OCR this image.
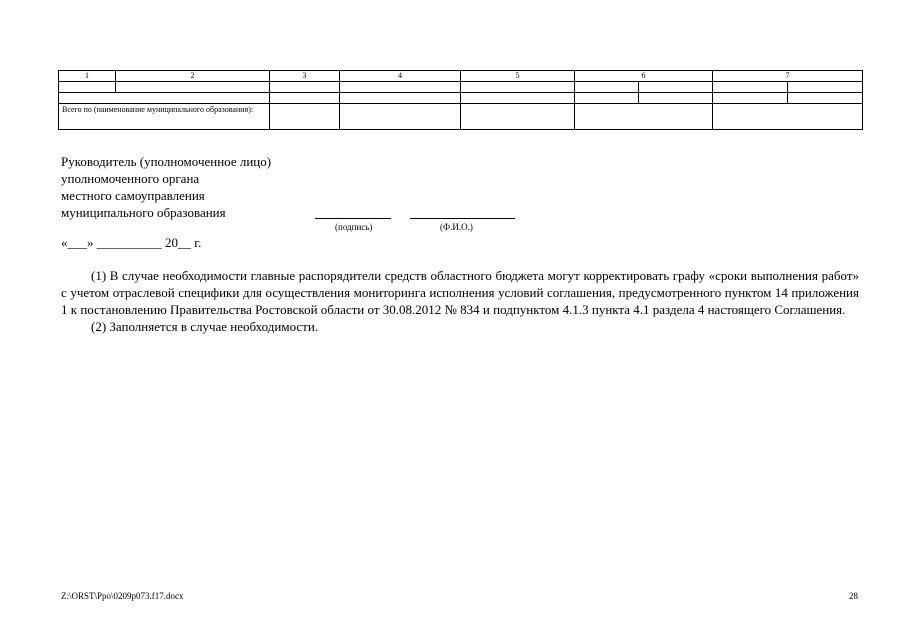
1	2	3	4	5	6		7	

Всего по (наименование муниципального образования):								
Руководитель (уполномоченное лицо)
уполномоченного органа
местного самоуправления
муниципального образования
(подпись)	(Ф.И.О.)
«___» __________ 20__ г.

(1) В случае необходимости главные распорядители средств областного бюджета могут корректировать графу «сроки выполнения работ» с учетом отраслевой специфики для осуществления мониторинга исполнения условий соглашения, предусмотренного пунктом 14 приложения 1 к постановлению Правительства Ростовской области от 30.08.2012 № 834 и подпунктом 4.1.3 пункта 4.1 раздела 4 настоящего Соглашения.

(2) Заполняется в случае необходимости.

Z:\ORST\Ppo\0209p073.f17.docx	28
